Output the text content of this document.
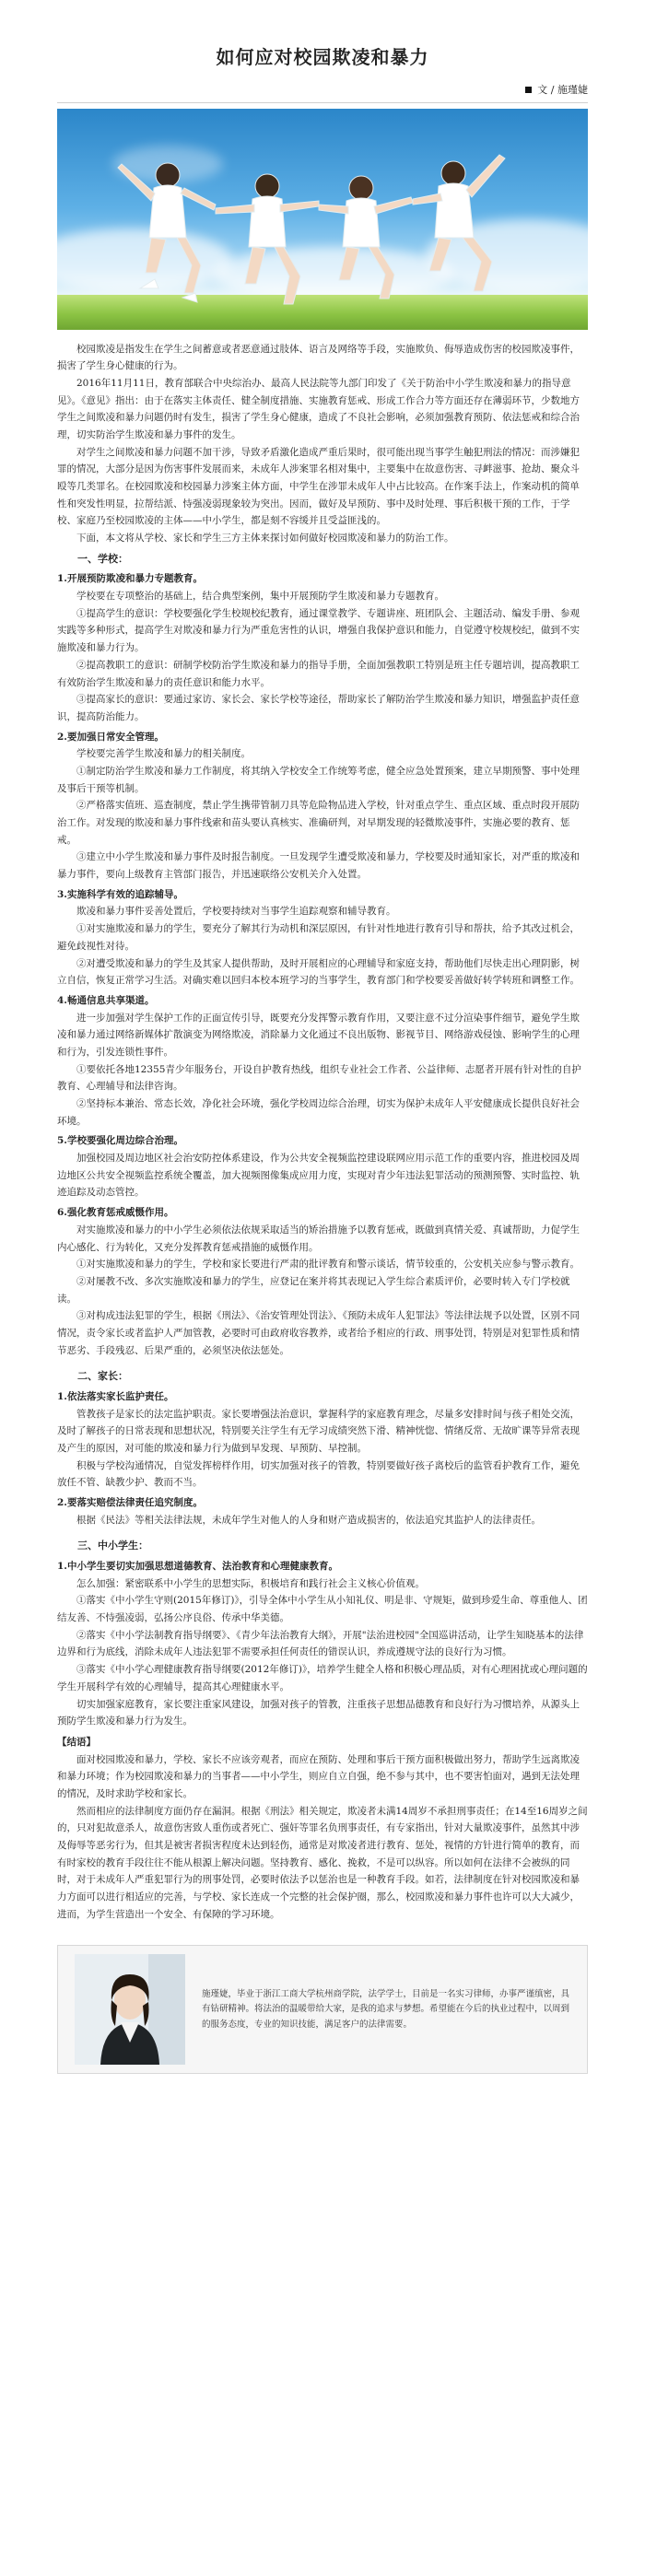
如何应对校园欺凌和暴力
文 / 施瑾婕

校园欺凌是指发生在学生之间蓄意或者恶意通过肢体、语言及网络等手段，实施欺负、侮辱造成伤害的校园欺凌事件，损害了学生身心健康的行为。

2016年11月11日，教育部联合中央综治办、最高人民法院等九部门印发了《关于防治中小学生欺凌和暴力的指导意见》。《意见》指出：由于在落实主体责任、健全制度措施、实施教育惩戒、形成工作合力等方面还存在薄弱环节，少数地方学生之间欺凌和暴力问题仍时有发生，损害了学生身心健康，造成了不良社会影响，必须加强教育预防、依法惩戒和综合治理，切实防治学生欺凌和暴力事件的发生。

对学生之间欺凌和暴力问题不加干涉，导致矛盾激化造成严重后果时，很可能出现当事学生触犯刑法的情况：而涉嫌犯罪的情况，大部分是因为伤害事件发展而来，未成年人涉案罪名相对集中，主要集中在故意伤害、寻衅滋事、抢劫、聚众斗殴等几类罪名。在校园欺凌和校园暴力涉案主体方面，中学生在涉罪未成年人中占比较高。在作案手法上，作案动机的简单性和突发性明显，拉帮结派、恃强凌弱现象较为突出。因而，做好及早预防、事中及时处理、事后积极干预的工作，于学校、家庭乃至校园欺凌的主体——中小学生，都是刻不容缓并且受益匪浅的。

下面，本文将从学校、家长和学生三方主体来探讨如何做好校园欺凌和暴力的防治工作。

一、学校：
1.开展预防欺凌和暴力专题教育。

学校要在专项整治的基础上，结合典型案例，集中开展预防学生欺凌和暴力专题教育。

①提高学生的意识：学校要强化学生校规校纪教育，通过课堂教学、专题讲座、班团队会、主题活动、编发手册、参观实践等多种形式，提高学生对欺凌和暴力行为严重危害性的认识，增强自我保护意识和能力，自觉遵守校规校纪，做到不实施欺凌和暴力行为。

②提高教职工的意识：研制学校防治学生欺凌和暴力的指导手册，全面加强教职工特别是班主任专题培训，提高教职工有效防治学生欺凌和暴力的责任意识和能力水平。

③提高家长的意识：要通过家访、家长会、家长学校等途径，帮助家长了解防治学生欺凌和暴力知识，增强监护责任意识，提高防治能力。

2.要加强日常安全管理。

学校要完善学生欺凌和暴力的相关制度。

①制定防治学生欺凌和暴力工作制度，将其纳入学校安全工作统筹考虑，健全应急处置预案，建立早期预警、事中处理及事后干预等机制。

②严格落实值班、巡查制度，禁止学生携带管制刀具等危险物品进入学校，针对重点学生、重点区域、重点时段开展防治工作。对发现的欺凌和暴力事件线索和苗头要认真核实、准确研判，对早期发现的轻微欺凌事件，实施必要的教育、惩戒。

③建立中小学生欺凌和暴力事件及时报告制度。一旦发现学生遭受欺凌和暴力，学校要及时通知家长，对严重的欺凌和暴力事件，要向上级教育主管部门报告，并迅速联络公安机关介入处置。

3.实施科学有效的追踪辅导。

欺凌和暴力事件妥善处置后，学校要持续对当事学生追踪观察和辅导教育。

①对实施欺凌和暴力的学生，要充分了解其行为动机和深层原因，有针对性地进行教育引导和帮扶，给予其改过机会，避免歧视性对待。

②对遭受欺凌和暴力的学生及其家人提供帮助，及时开展相应的心理辅导和家庭支持，帮助他们尽快走出心理阴影，树立自信，恢复正常学习生活。对确实难以回归本校本班学习的当事学生，教育部门和学校要妥善做好转学转班和调整工作。

4.畅通信息共享渠道。

进一步加强对学生保护工作的正面宣传引导，既要充分发挥警示教育作用，又要注意不过分渲染事件细节，避免学生欺凌和暴力通过网络新媒体扩散演变为网络欺凌，消除暴力文化通过不良出版物、影视节目、网络游戏侵蚀、影响学生的心理和行为，引发连锁性事件。

①要依托各地12355青少年服务台，开设自护教育热线，组织专业社会工作者、公益律师、志愿者开展有针对性的自护教育、心理辅导和法律咨询。

②坚持标本兼治、常态长效，净化社会环境，强化学校周边综合治理，切实为保护未成年人平安健康成长提供良好社会环境。

5.学校要强化周边综合治理。

加强校园及周边地区社会治安防控体系建设，作为公共安全视频监控建设联网应用示范工作的重要内容，推进校园及周边地区公共安全视频监控系统全覆盖，加大视频图像集成应用力度，实现对青少年违法犯罪活动的预测预警、实时监控、轨迹追踪及动态管控。

6.强化教育惩戒威慑作用。

对实施欺凌和暴力的中小学生必须依法依规采取适当的矫治措施予以教育惩戒，既做到真情关爱、真诚帮助，力促学生内心感化、行为转化，又充分发挥教育惩戒措施的威慑作用。

①对实施欺凌和暴力的学生，学校和家长要进行严肃的批评教育和警示谈话，情节较重的，公安机关应参与警示教育。

②对屡教不改、多次实施欺凌和暴力的学生，应登记在案并将其表现记入学生综合素质评价，必要时转入专门学校就读。

③对构成违法犯罪的学生，根据《刑法》、《治安管理处罚法》、《预防未成年人犯罪法》等法律法规予以处置，区别不同情况，责令家长或者监护人严加管教，必要时可由政府收容教养，或者给予相应的行政、刑事处罚，特别是对犯罪性质和情节恶劣、手段残忍、后果严重的，必须坚决依法惩处。

二、家长：
1.依法落实家长监护责任。

管教孩子是家长的法定监护职责。家长要增强法治意识，掌握科学的家庭教育理念，尽量多安排时间与孩子相处交流，及时了解孩子的日常表现和思想状况，特别要关注学生有无学习成绩突然下滑、精神恍惚、情绪反常、无故旷课等异常表现及产生的原因，对可能的欺凌和暴力行为做到早发现、早预防、早控制。

积极与学校沟通情况，自觉发挥榜样作用，切实加强对孩子的管教，特别要做好孩子离校后的监管看护教育工作，避免放任不管、缺教少护、教而不当。

2.要落实赔偿法律责任追究制度。

根据《民法》等相关法律法规，未成年学生对他人的人身和财产造成损害的，依法追究其监护人的法律责任。

三、中小学生：
1.中小学生要切实加强思想道德教育、法治教育和心理健康教育。

怎么加强：紧密联系中小学生的思想实际，积极培育和践行社会主义核心价值观。

①落实《中小学生守则(2015年修订)》，引导全体中小学生从小知礼仪、明是非、守规矩，做到珍爱生命、尊重他人、团结友善、不恃强凌弱，弘扬公序良俗、传承中华美德。

②落实《中小学法制教育指导纲要》、《青少年法治教育大纲》，开展"法治进校园"全国巡讲活动，让学生知晓基本的法律边界和行为底线，消除未成年人违法犯罪不需要承担任何责任的错误认识，养成遵规守法的良好行为习惯。

③落实《中小学心理健康教育指导纲要(2012年修订)》，培养学生健全人格和积极心理品质，对有心理困扰或心理问题的学生开展科学有效的心理辅导，提高其心理健康水平。

切实加强家庭教育，家长要注重家风建设，加强对孩子的管教，注重孩子思想品德教育和良好行为习惯培养，从源头上预防学生欺凌和暴力行为发生。

【结语】

面对校园欺凌和暴力，学校、家长不应该旁观者，而应在预防、处理和事后干预方面积极做出努力，帮助学生远离欺凌和暴力环境；作为校园欺凌和暴力的当事者——中小学生，则应自立自强，绝不参与其中，也不要害怕面对，遇到无法处理的情况，及时求助学校和家长。

然而相应的法律制度方面仍存在漏洞。根据《刑法》相关规定，欺凌者未满14周岁不承担刑事责任；在14至16周岁之间的，只对犯故意杀人，故意伤害致人重伤或者死亡、强奸等罪名负刑事责任，有专家指出，针对大量欺凌事件，虽然其中涉及侮辱等恶劣行为，但其是被害者损害程度未达到轻伤，通常是对欺凌者进行教育、惩处，视情的方针进行简单的教育，而有时家校的教育手段往往不能从根源上解决问题。坚持教育、感化、挽救，不是可以纵容。所以如何在法律不会被纵的同时，对于未成年人严重犯罪行为的刑事处罚，必要时依法予以惩治也是一种教育手段。如若，法律制度在针对校园欺凌和暴力方面可以进行相适应的完善，与学校、家长连成一个完整的社会保护圈，那么，校园欺凌和暴力事件也许可以大大减少，进而，为学生营造出一个安全、有保障的学习环境。

施瑾婕，毕业于浙江工商大学杭州商学院，法学学士，目前是一名实习律师，办事严谨缜密，具有钻研精神。将法治的温暖带给大家，是我的追求与梦想。希望能在今后的执业过程中，以周到的服务态度，专业的知识技能，满足客户的法律需要。
